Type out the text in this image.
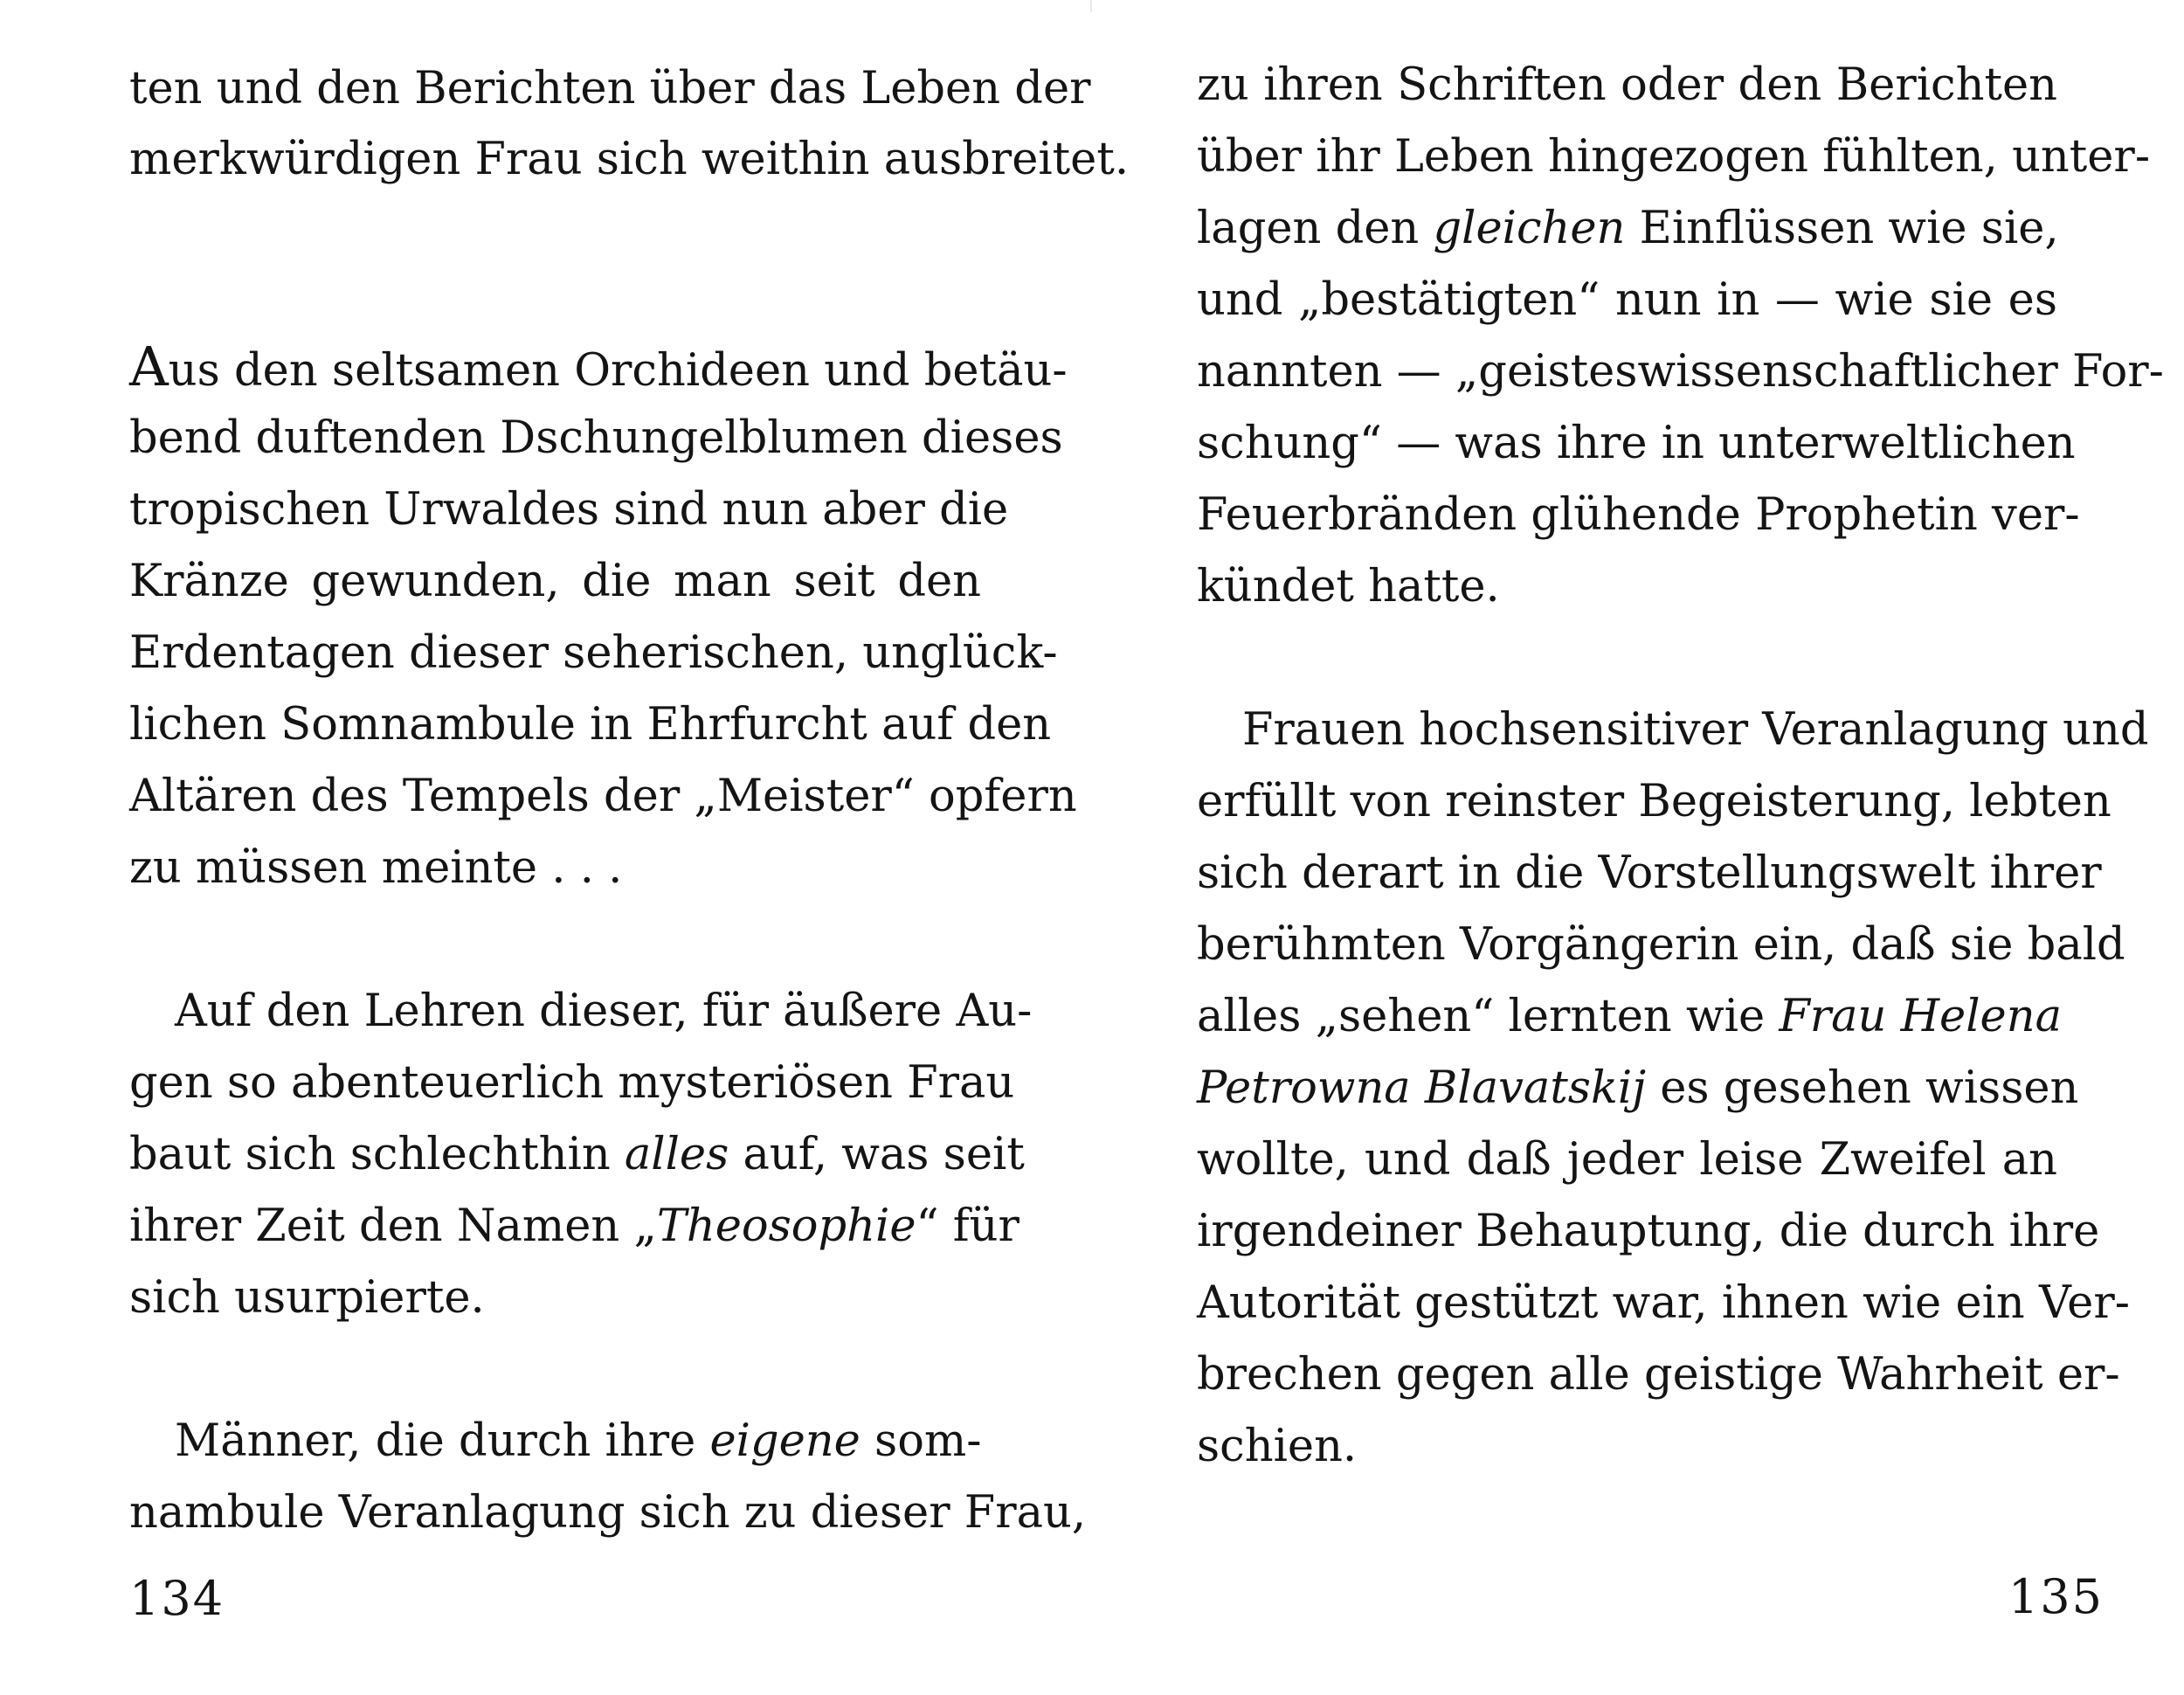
ten und den Berichten über das Leben der
merkwürdigen Frau sich weithin ausbreitet.
Aus den seltsamen Orchideen und betäu-
bend duftenden Dschungelblumen dieses
tropischen Urwaldes sind nun aber die
Kränze gewunden, die man seit den
Erdentagen dieser seherischen, unglück-
lichen Somnambule in Ehrfurcht auf den
Altären des Tempels der „Meister“ opfern
zu müssen meinte . . .
Auf den Lehren dieser, für äußere Au-
gen so abenteuerlich mysteriösen Frau
baut sich schlechthin alles auf, was seit
ihrer Zeit den Namen „Theosophie“ für
sich usurpierte.
Männer, die durch ihre eigene som-
nambule Veranlagung sich zu dieser Frau,
134
zu ihren Schriften oder den Berichten
über ihr Leben hingezogen fühlten, unter-
lagen den gleichen Einflüssen wie sie,
und „bestätigten“ nun in — wie sie es
nannten — „geisteswissenschaftlicher For-
schung“ — was ihre in unterweltlichen
Feuerbränden glühende Prophetin ver-
kündet hatte.
Frauen hochsensitiver Veranlagung und
erfüllt von reinster Begeisterung, lebten
sich derart in die Vorstellungswelt ihrer
berühmten Vorgängerin ein, daß sie bald
alles „sehen“ lernten wie Frau Helena
Petrowna Blavatskij es gesehen wissen
wollte, und daß jeder leise Zweifel an
irgendeiner Behauptung, die durch ihre
Autorität gestützt war, ihnen wie ein Ver-
brechen gegen alle geistige Wahrheit er-
schien.
135
